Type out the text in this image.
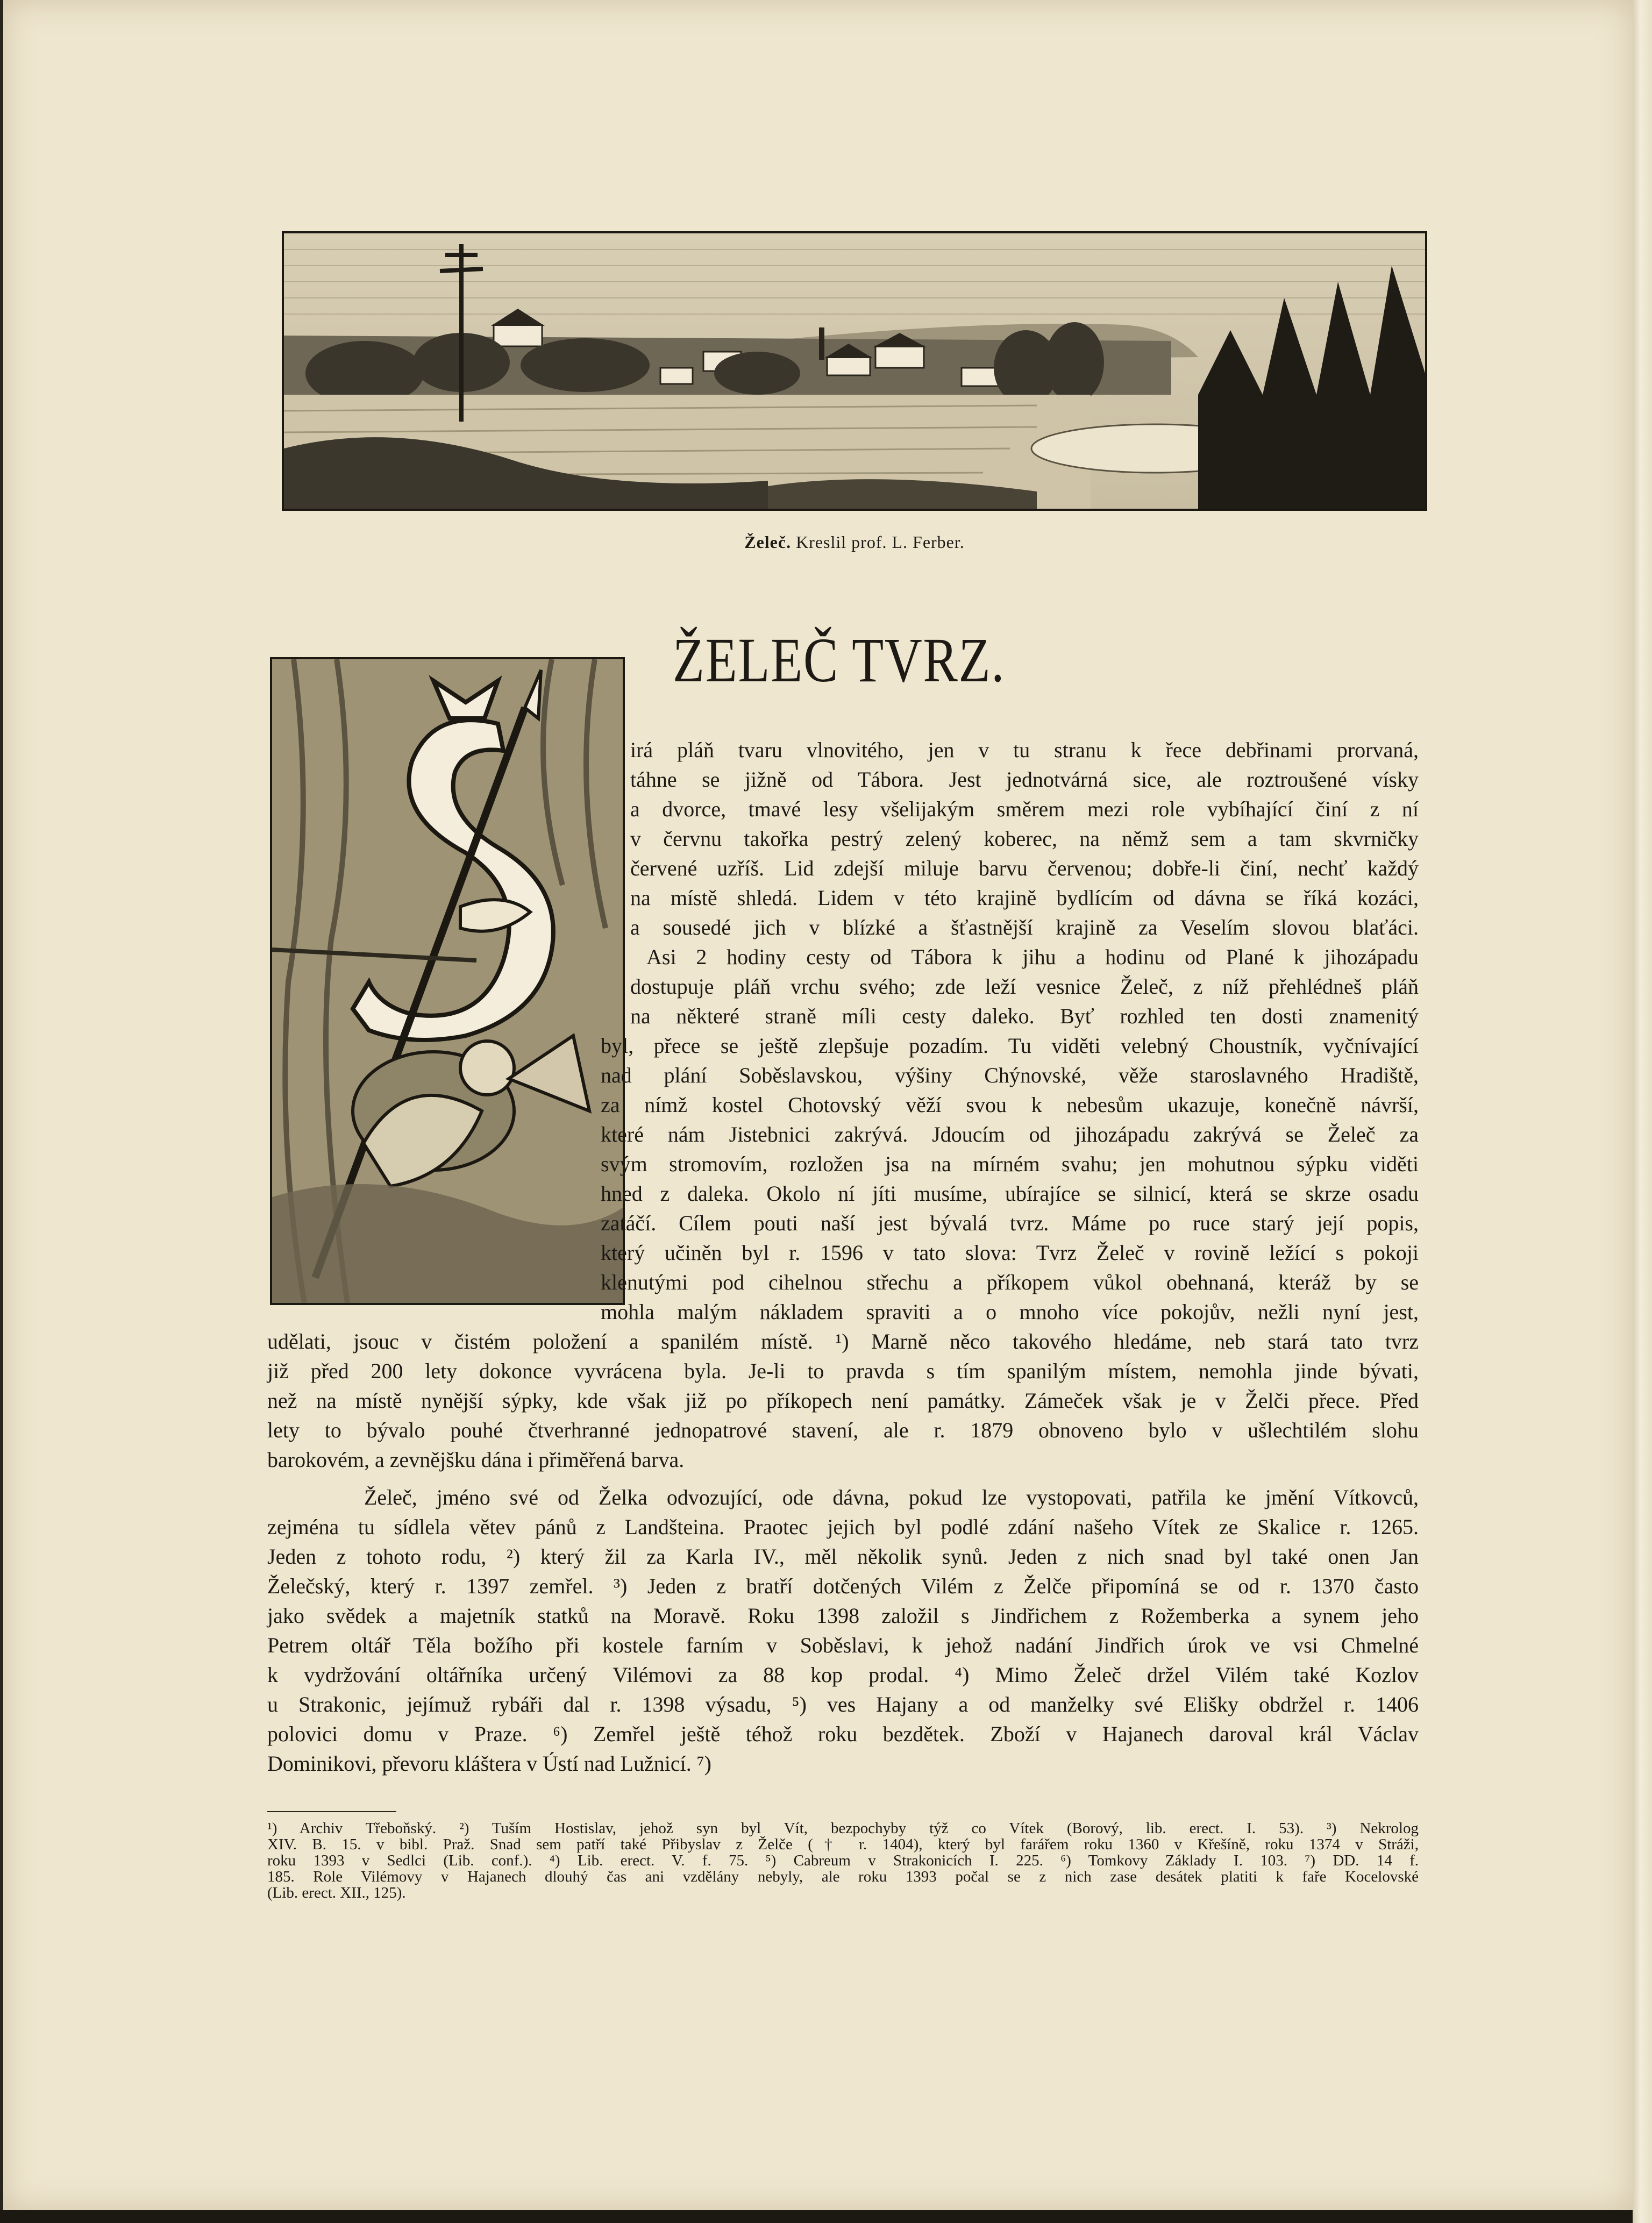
Želeč. Kreslil prof. L. Ferber.
ŽELEČ TVRZ.
irá pláň tvaru vlnovitého, jen v tu stranu k řece debřinami prorvaná,
táhne se jižně od Tábora. Jest jednotvárná sice, ale roztroušené vísky
a dvorce, tmavé lesy všelijakým směrem mezi role vybíhající činí z ní
v červnu takořka pestrý zelený koberec, na němž sem a tam skvrničky
červené uzříš. Lid zdejší miluje barvu červenou; dobře-li činí, nechť každý
na místě shledá. Lidem v této krajině bydlícím od dávna se říká kozáci,
a sousedé jich v blízké a šťastnější krajině za Veselím slovou blaťáci.
Asi 2 hodiny cesty od Tábora k jihu a hodinu od Plané k jihozápadu
dostupuje pláň vrchu svého; zde leží vesnice Želeč, z níž přehlédneš pláň
na některé straně míli cesty daleko. Byť rozhled ten dosti znamenitý
byl, přece se ještě zlepšuje pozadím. Tu viděti velebný Choustník, vyčnívající
nad plání Soběslavskou, výšiny Chýnovské, věže staroslavného Hradiště,
za nímž kostel Chotovský věží svou k nebesům ukazuje, konečně návrší,
které nám Jistebnici zakrývá. Jdoucím od jihozápadu zakrývá se Želeč za
svým stromovím, rozložen jsa na mírném svahu; jen mohutnou sýpku viděti
hned z daleka. Okolo ní jíti musíme, ubírajíce se silnicí, která se skrze osadu
zatáčí. Cílem pouti naší jest bývalá tvrz. Máme po ruce starý její popis,
který učiněn byl r. 1596 v tato slova: Tvrz Želeč v rovině ležící s pokoji
klenutými pod cihelnou střechu a příkopem vůkol obehnaná, kteráž by se
mohla malým nákladem spraviti a o mnoho více pokojův, nežli nyní jest,
udělati, jsouc v čistém položení a spanilém místě. ¹) Marně něco takového hledáme, neb stará tato tvrz
již před 200 lety dokonce vyvrácena byla. Je-li to pravda s tím spanilým místem, nemohla jinde bývati,
než na místě nynější sýpky, kde však již po příkopech není památky. Zámeček však je v Želči přece. Před
lety to bývalo pouhé čtverhranné jednopatrové stavení, ale r. 1879 obnoveno bylo v ušlechtilém slohu
barokovém, a zevnějšku dána i přiměřená barva.
Želeč, jméno své od Želka odvozující, ode dávna, pokud lze vystopovati, patřila ke jmění Vítkovců,
zejména tu sídlela větev pánů z Landšteina. Praotec jejich byl podlé zdání našeho Vítek ze Skalice r. 1265.
Jeden z tohoto rodu, ²) který žil za Karla IV., měl několik synů. Jeden z nich snad byl také onen Jan
Želečský, který r. 1397 zemřel. ³) Jeden z bratří dotčených Vilém z Želče připomíná se od r. 1370 často
jako svědek a majetník statků na Moravě. Roku 1398 založil s Jindřichem z Rožemberka a synem jeho
Petrem oltář Těla božího při kostele farním v Soběslavi, k jehož nadání Jindřich úrok ve vsi Chmelné
k vydržování oltářníka určený Vilémovi za 88 kop prodal. ⁴) Mimo Želeč držel Vilém také Kozlov
u Strakonic, jejímuž rybáři dal r. 1398 výsadu, ⁵) ves Hajany a od manželky své Elišky obdržel r. 1406
polovici domu v Praze. ⁶) Zemřel ještě téhož roku bezdětek. Zboží v Hajanech daroval král Václav
Dominikovi, převoru kláštera v Ústí nad Lužnicí. ⁷)
¹) Archiv Třeboňský. ²) Tuším Hostislav, jehož syn byl Vít, bezpochyby týž co Vítek (Borový, lib. erect. I. 53). ³) Nekrolog
XIV. B. 15. v bibl. Praž. Snad sem patří také Přibyslav z Želče († r. 1404), který byl farářem roku 1360 v Křešíně, roku 1374 v Stráži,
roku 1393 v Sedlci (Lib. conf.). ⁴) Lib. erect. V. f. 75. ⁵) Cabreum v Strakonicích I. 225. ⁶) Tomkovy Základy I. 103. ⁷) DD. 14 f.
185. Role Vilémovy v Hajanech dlouhý čas ani vzdělány nebyly, ale roku 1393 počal se z nich zase desátek platiti k faře Kocelovské
(Lib. erect. XII., 125).
